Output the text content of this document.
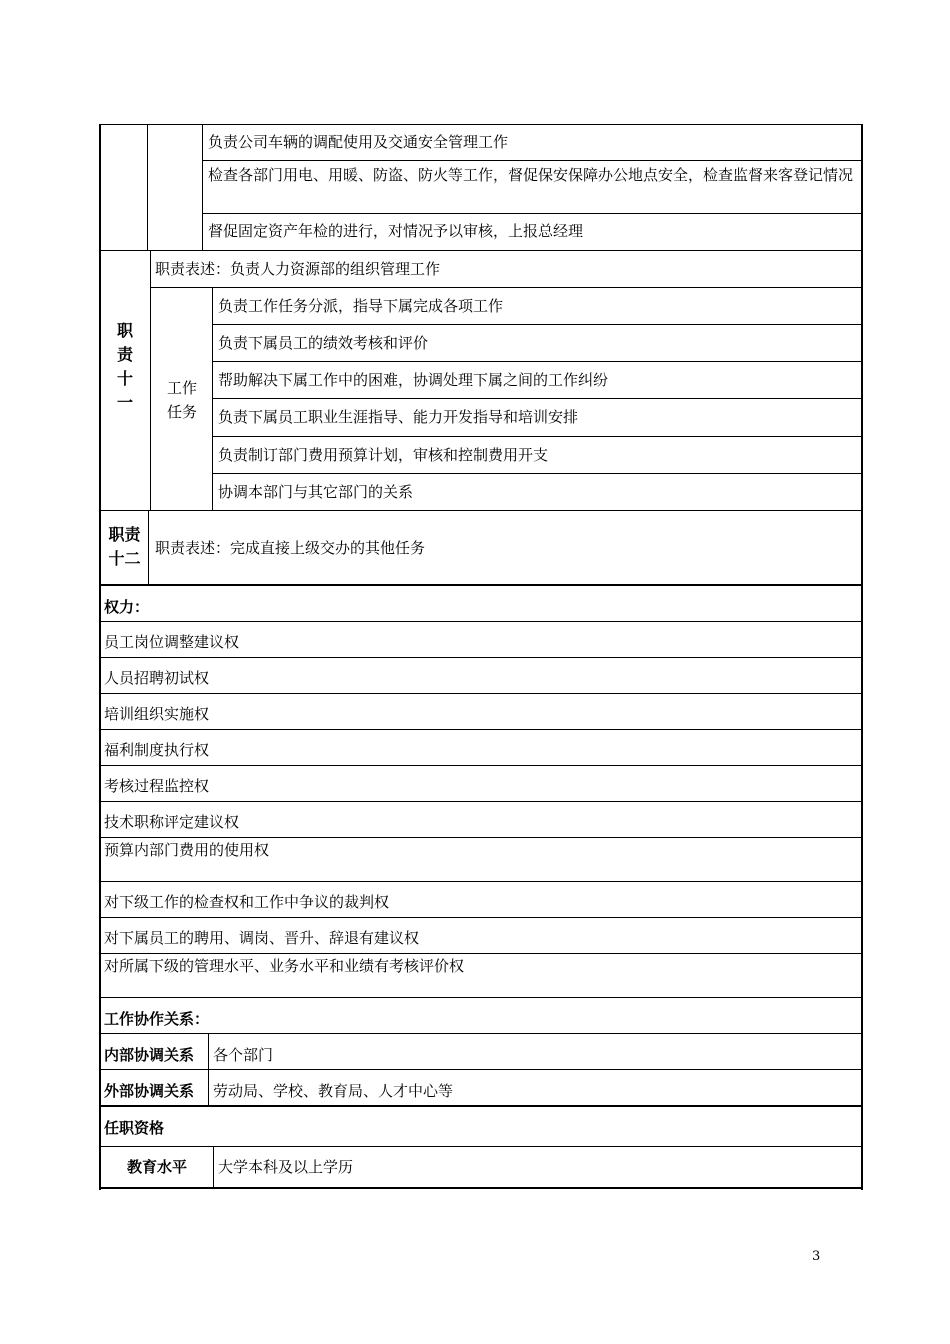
负责公司车辆的调配使用及交通安全管理工作
检查各部门用电、用暖、防盗、防火等工作，督促保安保障办公地点安全，检查监督来客登记情况
督促固定资产年检的进行，对情况予以审核，上报总经理
职
责
十
一
职责表述：负责人力资源部的组织管理工作
工作
任务
负责工作任务分派，指导下属完成各项工作
负责下属员工的绩效考核和评价
帮助解决下属工作中的困难，协调处理下属之间的工作纠纷
负责下属员工职业生涯指导、能力开发指导和培训安排
负责制订部门费用预算计划，审核和控制费用开支
协调本部门与其它部门的关系
职责
十二
职责表述：完成直接上级交办的其他任务
权力：
员工岗位调整建议权
人员招聘初试权
培训组织实施权
福利制度执行权
考核过程监控权
技术职称评定建议权
预算内部门费用的使用权
对下级工作的检查权和工作中争议的裁判权
对下属员工的聘用、调岗、晋升、辞退有建议权
对所属下级的管理水平、业务水平和业绩有考核评价权
工作协作关系：
内部协调关系 各个部门
外部协调关系 劳动局、学校、教育局、人才中心等
任职资格
教育水平	大学本科及以上学历
3
